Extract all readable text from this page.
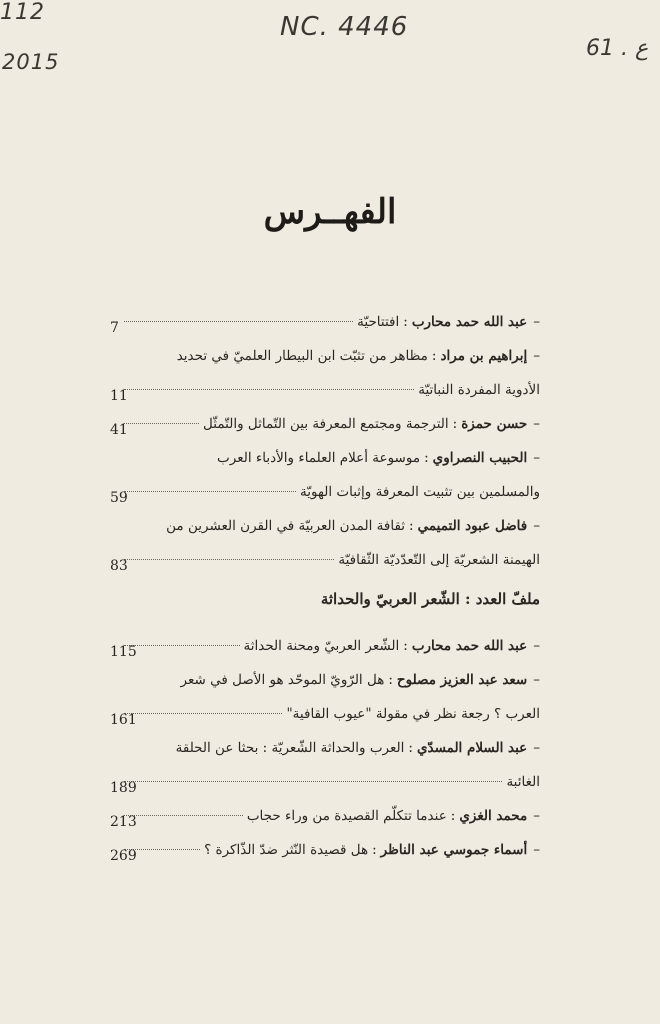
112
2015
NC. 4446
61 . ع
الفهــرس
–
عبد الله حمد محارب
:
افتتاحيّة
7
–
إبراهيم بن مراد
:
مظاهر من تثبّت ابن البيطار العلميّ في تحديد
الأدوية المفردة النباتيّة
11
–
حسن حمزة
:
الترجمة ومجتمع المعرفة بين التّماثل والتّمثّل
41
–
الحبيب النصراوي
:
موسوعة أعلام العلماء والأدباء العرب
والمسلمين بين تثبيت المعرفة وإثبات الهويّة
59
–
فاضل عبود التميمي
:
ثقافة المدن العربيّة في القرن العشرين من
الهيمنة الشعريّة إلى التّعدّديّة الثّقافيّة
83
ملفّ العدد : الشّعر العربيّ والحداثة
–
عبد الله حمد محارب
:
الشّعر العربيّ ومحنة الحداثة
115
–
سعد عبد العزيز مصلوح
:
هل الرّويّ الموحّد هو الأصل في شعر
العرب ؟ رجعة نظر في مقولة "عيوب القافية"
161
–
عبد السلام المسدّي
:
العرب والحداثة الشّعريّة : بحثا عن الحلقة
الغائبة
189
–
محمد الغزي
:
عندما تتكلّم القصيدة من وراء حجاب
213
–
أسماء جموسي عبد الناظر
:
هل قصيدة النّثر ضدّ الذّاكرة ؟
269
